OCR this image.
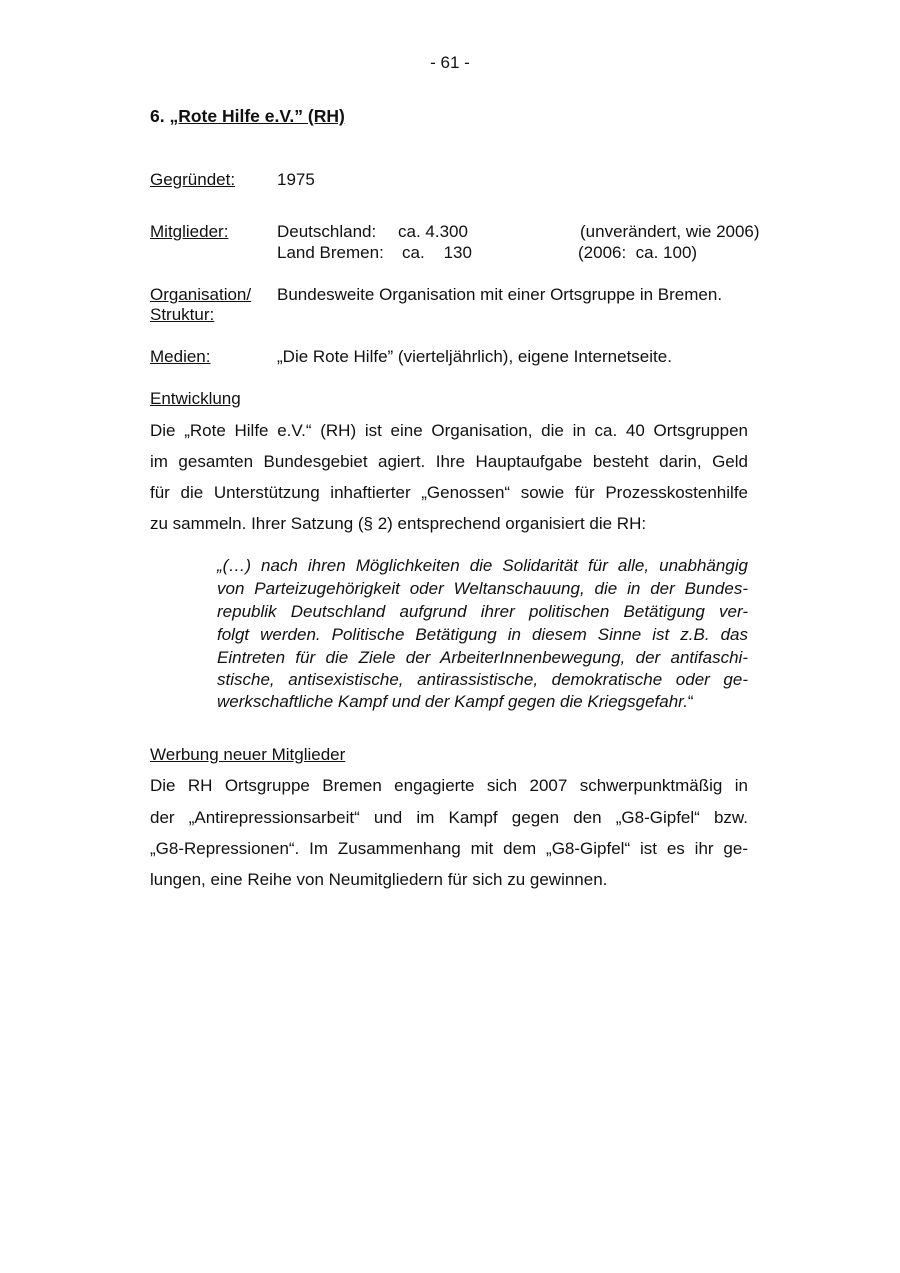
- 61 -
6. „Rote Hilfe e.V.” (RH)
Gegründet: 1975
Mitglieder:	Deutschland: ca. 4.300	(unverändert, wie 2006)
Land Bremen: ca.    130	(2006:  ca. 100)
Organisation/
Struktur:
Bundesweite Organisation mit einer Ortsgruppe in Bremen.
Medien:	„Die Rote Hilfe” (vierteljährlich), eigene Internetseite.
Entwicklung
Die „Rote Hilfe e.V.“ (RH) ist eine Organisation, die in ca. 40 Ortsgruppen
im gesamten Bundesgebiet agiert. Ihre Hauptaufgabe besteht darin, Geld
für die Unterstützung inhaftierter „Genossen“ sowie für Prozesskostenhilfe
zu sammeln. Ihrer Satzung (§ 2) entsprechend organisiert die RH:
„(…) nach ihren Möglichkeiten die Solidarität für alle, unabhängig
von Parteizugehörigkeit oder Weltanschauung, die in der Bundes-
republik Deutschland aufgrund ihrer politischen Betätigung ver-
folgt werden. Politische Betätigung in diesem Sinne ist z.B. das
Eintreten für die Ziele der ArbeiterInnenbewegung, der antifaschi-
stische, antisexistische, antirassistische, demokratische oder ge-
werkschaftliche Kampf und der Kampf gegen die Kriegsgefahr.“
Werbung neuer Mitglieder
Die RH Ortsgruppe Bremen engagierte sich 2007 schwerpunktmäßig in
der „Antirepressionsarbeit“ und im Kampf gegen den „G8-Gipfel“ bzw.
„G8-Repressionen“. Im Zusammenhang mit dem „G8-Gipfel“ ist es ihr ge-
lungen, eine Reihe von Neumitgliedern für sich zu gewinnen.
